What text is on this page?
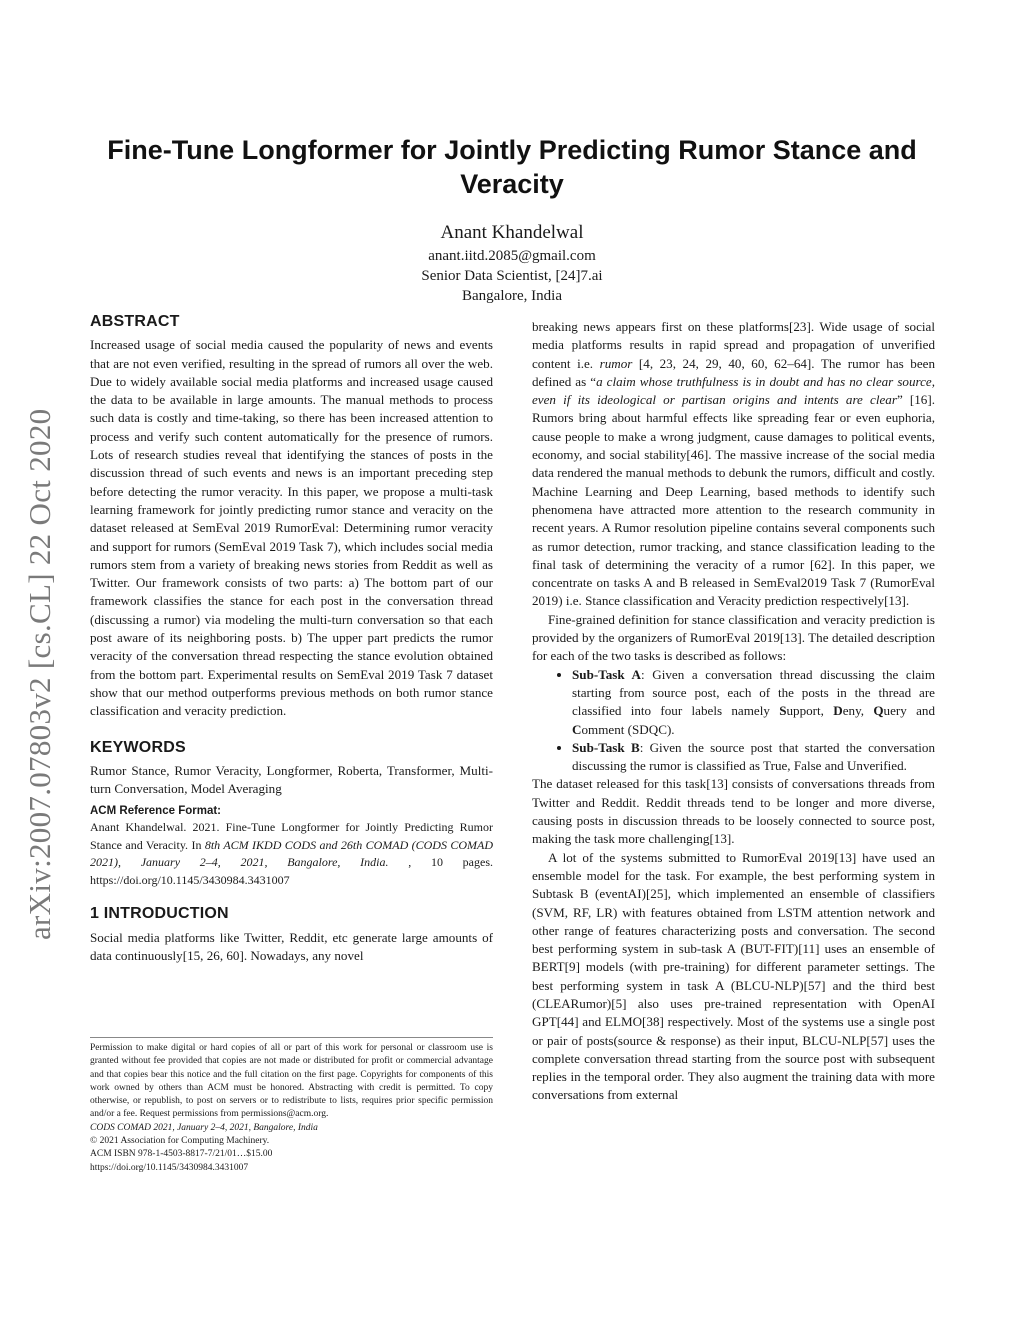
arXiv:2007.07803v2 [cs.CL] 22 Oct 2020
Fine-Tune Longformer for Jointly Predicting Rumor Stance and Veracity
Anant Khandelwal
anant.iitd.2085@gmail.com
Senior Data Scientist, [24]7.ai
Bangalore, India
ABSTRACT

Increased usage of social media caused the popularity of news and events that are not even verified, resulting in the spread of rumors all over the web. Due to widely available social media platforms and increased usage caused the data to be available in large amounts. The manual methods to process such data is costly and time-taking, so there has been increased attention to process and verify such content automatically for the presence of rumors. Lots of research studies reveal that identifying the stances of posts in the discussion thread of such events and news is an important preceding step before detecting the rumor veracity. In this paper, we propose a multi-task learning framework for jointly predicting rumor stance and veracity on the dataset released at SemEval 2019 RumorEval: Determining rumor veracity and support for rumors (SemEval 2019 Task 7), which includes social media rumors stem from a variety of breaking news stories from Reddit as well as Twitter. Our framework consists of two parts: a) The bottom part of our framework classifies the stance for each post in the conversation thread (discussing a rumor) via modeling the multi-turn conversation so that each post aware of its neighboring posts. b) The upper part predicts the rumor veracity of the conversation thread respecting the stance evolution obtained from the bottom part. Experimental results on SemEval 2019 Task 7 dataset show that our method outperforms previous methods on both rumor stance classification and veracity prediction.

KEYWORDS

Rumor Stance, Rumor Veracity, Longformer, Roberta, Transformer, Multi-turn Conversation, Model Averaging

ACM Reference Format:
Anant Khandelwal. 2021. Fine-Tune Longformer for Jointly Predicting Rumor Stance and Veracity. In 8th ACM IKDD CODS and 26th COMAD (CODS COMAD 2021), January 2–4, 2021, Bangalore, India. , 10 pages. https://doi.org/10.1145/3430984.3431007
1 INTRODUCTION

Social media platforms like Twitter, Reddit, etc generate large amounts of data continuously[15, 26, 60]. Nowadays, any novel

Permission to make digital or hard copies of all or part of this work for personal or classroom use is granted without fee provided that copies are not made or distributed for profit or commercial advantage and that copies bear this notice and the full citation on the first page. Copyrights for components of this work owned by others than ACM must be honored. Abstracting with credit is permitted. To copy otherwise, or republish, to post on servers or to redistribute to lists, requires prior specific permission and/or a fee. Request permissions from permissions@acm.org.

CODS COMAD 2021, January 2–4, 2021, Bangalore, India

© 2021 Association for Computing Machinery.

ACM ISBN 978-1-4503-8817-7/21/01…$15.00

https://doi.org/10.1145/3430984.3431007

breaking news appears first on these platforms[23]. Wide usage of social media platforms results in rapid spread and propagation of unverified content i.e. rumor [4, 23, 24, 29, 40, 60, 62–64]. The rumor has been defined as “a claim whose truthfulness is in doubt and has no clear source, even if its ideological or partisan origins and intents are clear” [16]. Rumors bring about harmful effects like spreading fear or even euphoria, cause people to make a wrong judgment, cause damages to political events, economy, and social stability[46]. The massive increase of the social media data rendered the manual methods to debunk the rumors, difficult and costly. Machine Learning and Deep Learning, based methods to identify such phenomena have attracted more attention to the research community in recent years. A Rumor resolution pipeline contains several components such as rumor detection, rumor tracking, and stance classification leading to the final task of determining the veracity of a rumor [62]. In this paper, we concentrate on tasks A and B released in SemEval2019 Task 7 (RumorEval 2019) i.e. Stance classification and Veracity prediction respectively[13].

Fine-grained definition for stance classification and veracity prediction is provided by the organizers of RumorEval 2019[13]. The detailed description for each of the two tasks is described as follows:

• Sub-Task A: Given a conversation thread discussing the claim starting from source post, each of the posts in the thread are classified into four labels namely Support, Deny, Query and Comment (SDQC).
• Sub-Task B: Given the source post that started the conversation discussing the rumor is classified as True, False and Unverified.

The dataset released for this task[13] consists of conversations threads from Twitter and Reddit. Reddit threads tend to be longer and more diverse, causing posts in discussion threads to be loosely connected to source post, making the task more challenging[13].

A lot of the systems submitted to RumorEval 2019[13] have used an ensemble model for the task. For example, the best performing system in Subtask B (eventAI)[25], which implemented an ensemble of classifiers (SVM, RF, LR) with features obtained from LSTM attention network and other range of features characterizing posts and conversation. The second best performing system in sub-task A (BUT-FIT)[11] uses an ensemble of BERT[9] models (with pre-training) for different parameter settings. The best performing system in task A (BLCU-NLP)[57] and the third best (CLEARumor)[5] also uses pre-trained representation with OpenAI GPT[44] and ELMO[38] respectively. Most of the systems use a single post or pair of posts(source & response) as their input, BLCU-NLP[57] uses the complete conversation thread starting from the source post with subsequent replies in the temporal order. They also augment the training data with more conversations from external
